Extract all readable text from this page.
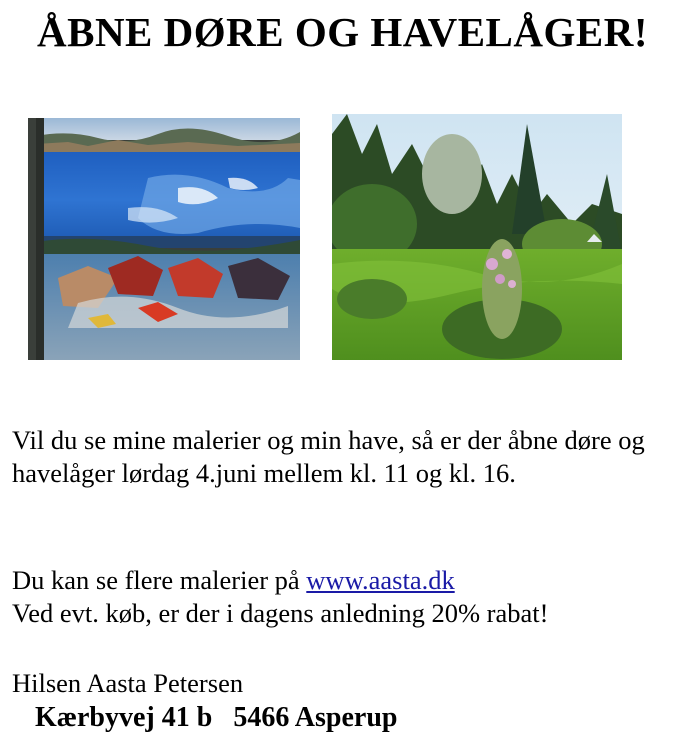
ÅBNE DØRE OG HAVELÅGER!
Vil du se mine malerier og min have, så er der åbne døre og havelåger lørdag 4.juni mellem kl. 11 og kl. 16.
Du kan se flere malerier på www.aasta.dk
Ved evt. køb, er der i dagens anledning 20% rabat!
Hilsen Aasta Petersen
Kærbyvej 41 b 5466 Asperup
